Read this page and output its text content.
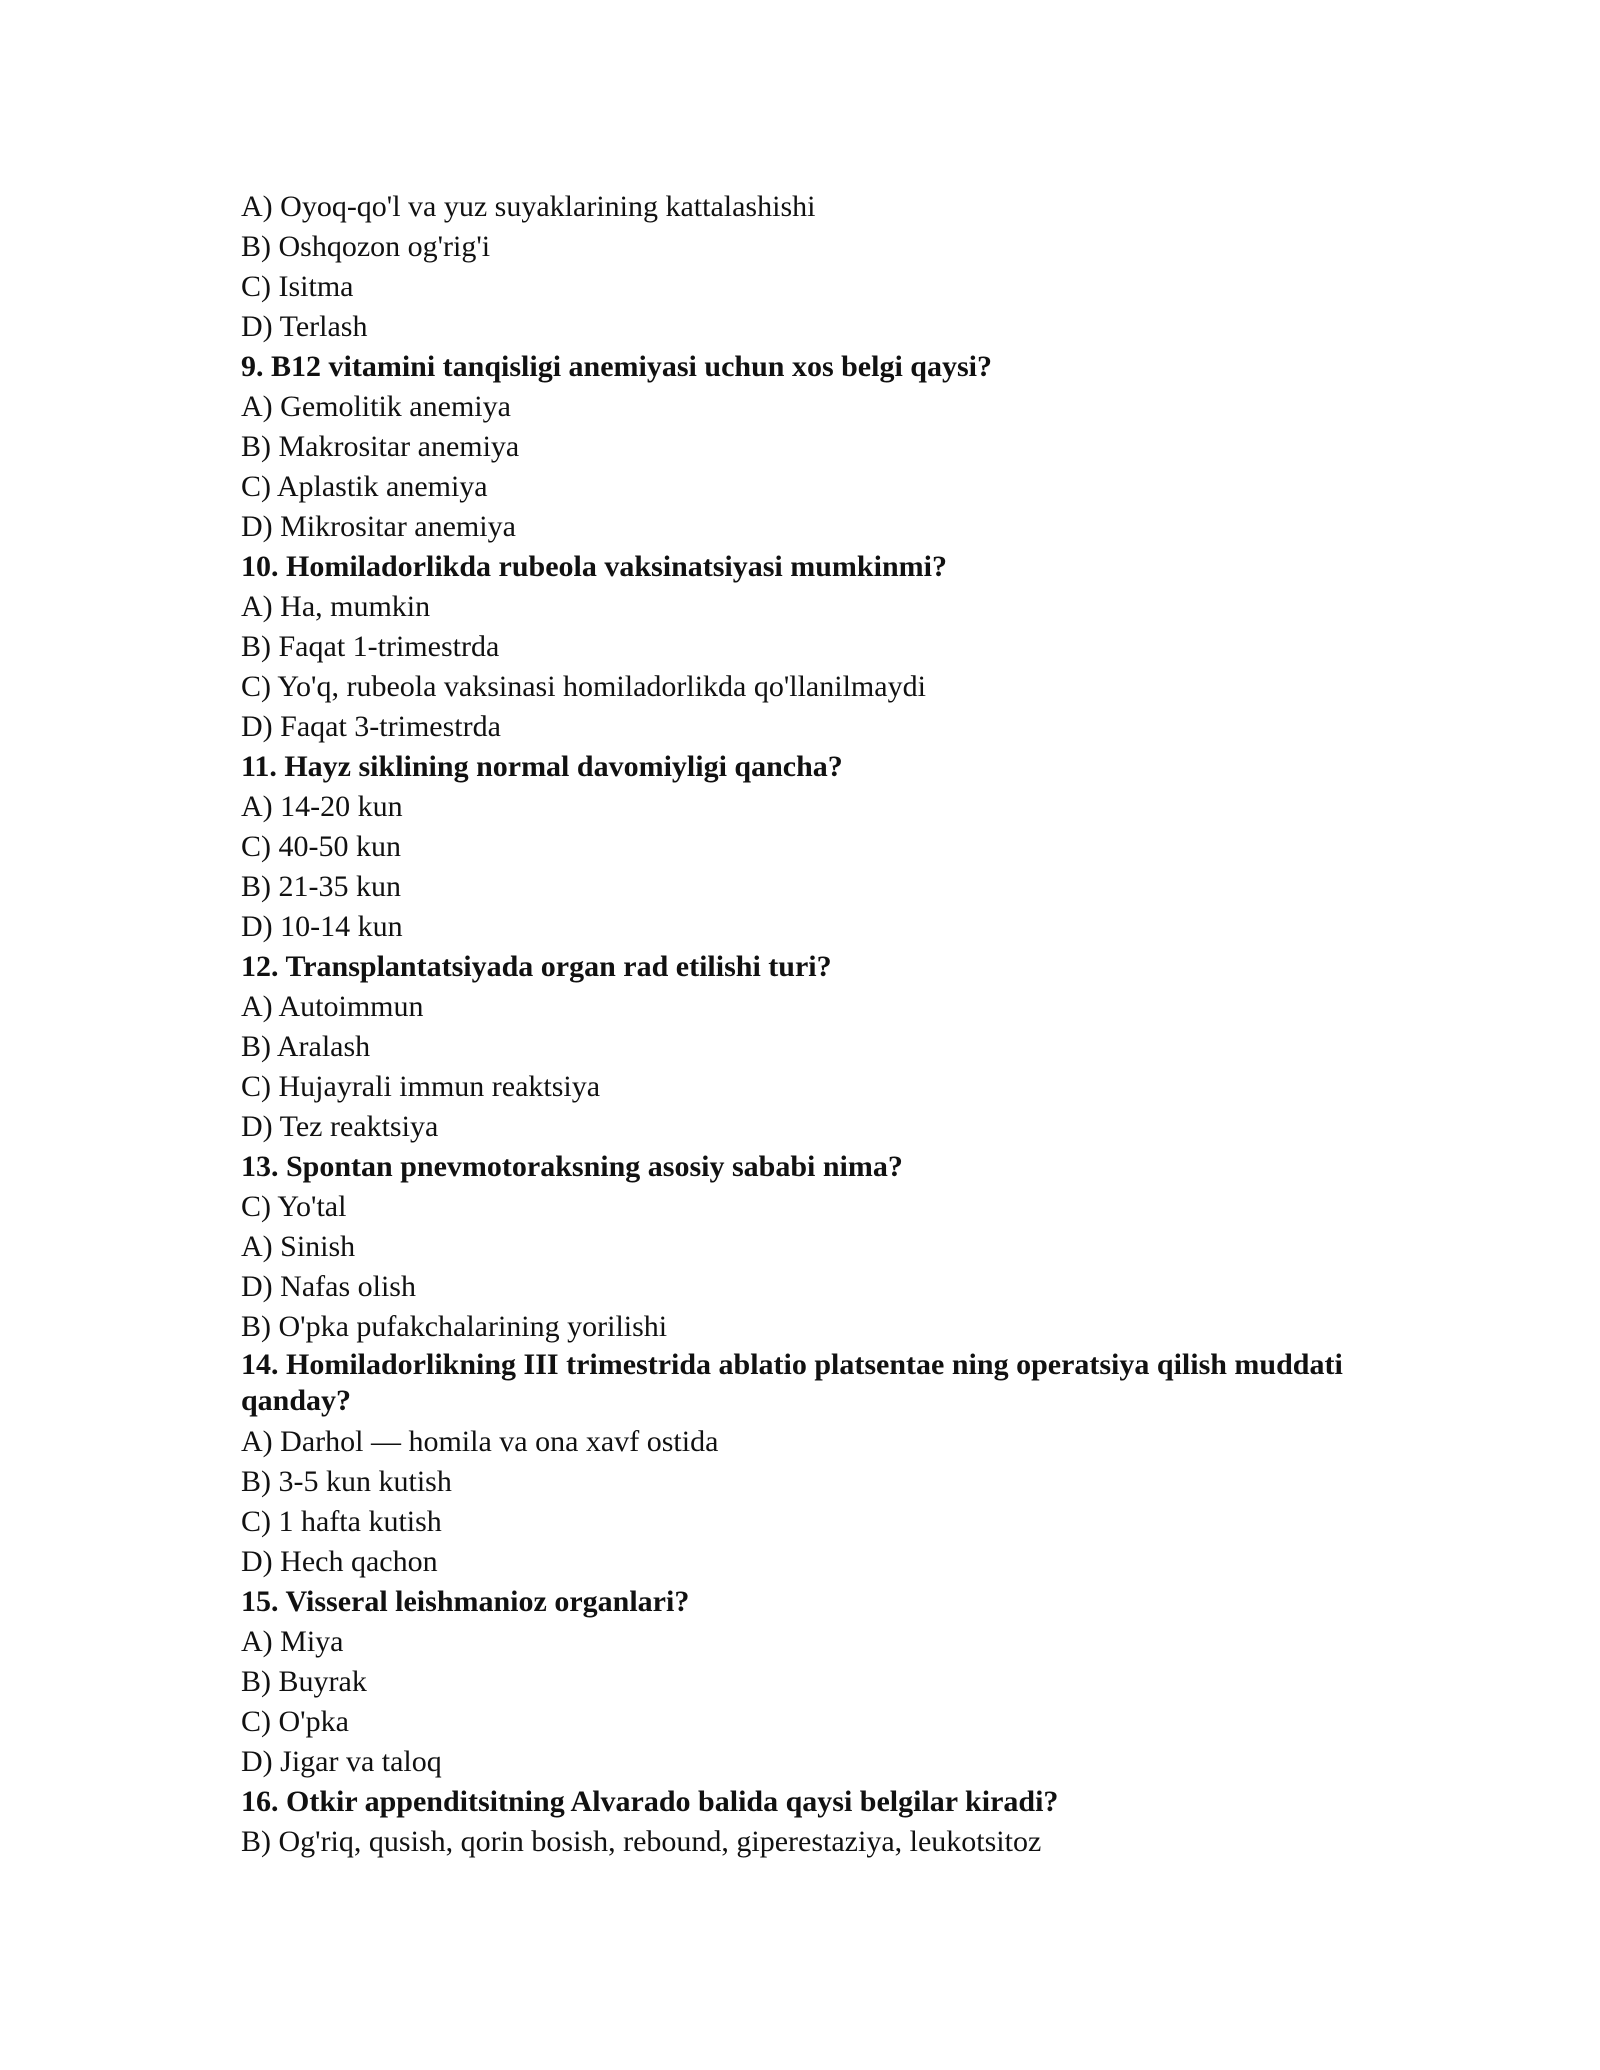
A) Oyoq-qo'l va yuz suyaklarining kattalashishi
B) Oshqozon og'rig'i
C) Isitma
D) Terlash
9. B12 vitamini tanqisligi anemiyasi uchun xos belgi qaysi?
A) Gemolitik anemiya
B) Makrositar anemiya
C) Aplastik anemiya
D) Mikrositar anemiya
10. Homiladorlikda rubeola vaksinatsiyasi mumkinmi?
A) Ha, mumkin
B) Faqat 1-trimestrda
C) Yo'q, rubeola vaksinasi homiladorlikda qo'llanilmaydi
D) Faqat 3-trimestrda
11. Hayz siklining normal davomiyligi qancha?
A) 14-20 kun
C) 40-50 kun
B) 21-35 kun
D) 10-14 kun
12. Transplantatsiyada organ rad etilishi turi?
A) Autoimmun
B) Aralash
C) Hujayrali immun reaktsiya
D) Tez reaktsiya
13. Spontan pnevmotoraksning asosiy sababi nima?
C) Yo'tal
A) Sinish
D) Nafas olish
B) O'pka pufakchalarining yorilishi
14. Homiladorlikning III trimestrida ablatio platsentae ning operatsiya qilish muddati qanday?
A) Darhol — homila va ona xavf ostida
B) 3-5 kun kutish
C) 1 hafta kutish
D) Hech qachon
15. Visseral leishmanioz organlari?
A) Miya
B) Buyrak
C) O'pka
D) Jigar va taloq
16. Otkir appenditsitning Alvarado balida qaysi belgilar kiradi?
B) Og'riq, qusish, qorin bosish, rebound, giperestaziya, leukotsitoz
